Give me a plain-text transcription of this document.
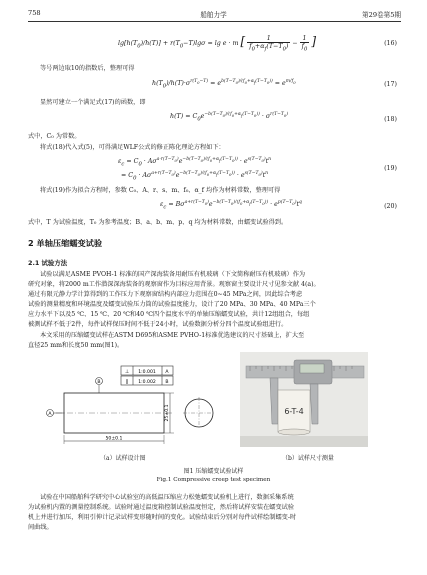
758	船舶力学	第29卷第5期
$\lg[h(T_0)/h(T)] + r(T_0-T)\lg\sigma = \lg e \cdot m$ [ $\frac{1}{f_0+\alpha_f(T-T_0)} - \frac{1}{f_0}$ ]	(16)
等号两边取10的指数后，整理可得
$h(T_0)/h(T)\cdot\sigma^{r(T_0-T)} = e^{b(T-T_0)/(f_0+\alpha_f(T-T_0))} = e^{m/f_0}$	(17)
显然可建立一个满足式(17)的函数，即
$h(T) = C_0e^{-b(T-T_0)/(f_0+\alpha_f(T-T_0))} \cdot \sigma^{r(T-T_0)}$
(18)
式中，C₀ 为常数。
将式(18)代入式(5)，可得满足WLF公式的修正陈化理论方程如下：
$\varepsilon_c = C_0 \cdot A\sigma^{a\cdot r(T-T_0)}e^{-b(T-T_0)/(f_0+\alpha_f(T-T_0))} \cdot e^{s(T-T_0)}t^n$
= $C_0 \cdot A\sigma^{a+r(T-T_0)}e^{-b(T-T_0)/(f_0+\alpha_f(T-T_0))} \cdot e^{s(T-T_0)}t^n$
(19)
将式(19)作为拟合方程时，参数 C₀、A、r、s、m、f₀、α_f 均作为材料常数，整理可得
$\varepsilon_c = B\sigma^{a+r(T-T_0)}e^{-b(T-T_0)/(f_0+\alpha_f(T-T_0))} \cdot e^{p(T-T_0)}t^q$
(20)
式中，T 为试验温度，T₀ 为参考温度；B、a、b、m、p、q 均为材料常数，由蠕变试验得到。
2 单轴压缩蠕变试验
2.1 试验方法
试验以满足ASME PVOH-1 标准的国产深海装备用耐压有机玻璃（下文简称耐压有机玻璃）作为
研究对象，将2000 m工作潜深深海装备的观察窗作为目标应用背景。观察窗主要设计尺寸见参文献 4(a)。
通过有限元静力学计算得到的工作压力下观察窗结构内部应力范围在0~45 MPa之间，因此综合考虑
试验的测量精度和环境温度及蠕变试验压力筒的试验温度能力，设计了20 MPa、30 MPa、40 MPa三个
应力水平下以及5 ℃、15 ℃、20 ℃和40 ℃四个温度水平的单轴压缩蠕变试验，共计12组组合，每组
被测试样不低于2件，每件试样保压时间不低于24小时，试验数据分析分四个温度试验组进行。
本文采用的压缩蠕变试样在ASTM D695和ASME PVHO-1标准优选建议的尺寸基础上，扩大至
直径25 mm和长度50 mm(图1)。
⊥ 1:0.001 A
∥ 1:0.002 B
B
A	25±0.1
50±0.1
6-T-4
（a）试样设计图	（b）试样尺寸测量
图1 压缩蠕变试验试样
Fig.1 Compressive creep test specimen
试验在中国船舶科学研究中心试验室的高低温压缩应力松弛蠕变试验机上进行，数据采集系统
为试验机内置的测量控制系统。试验时通过温度箱控制试验温度恒定，然后将试样安装在蠕变试验
机上并进行加压，利用引伸计记录试样变形随时间的变化。试验结束后分别对每件试样绘制蠕变-时
间曲线。
